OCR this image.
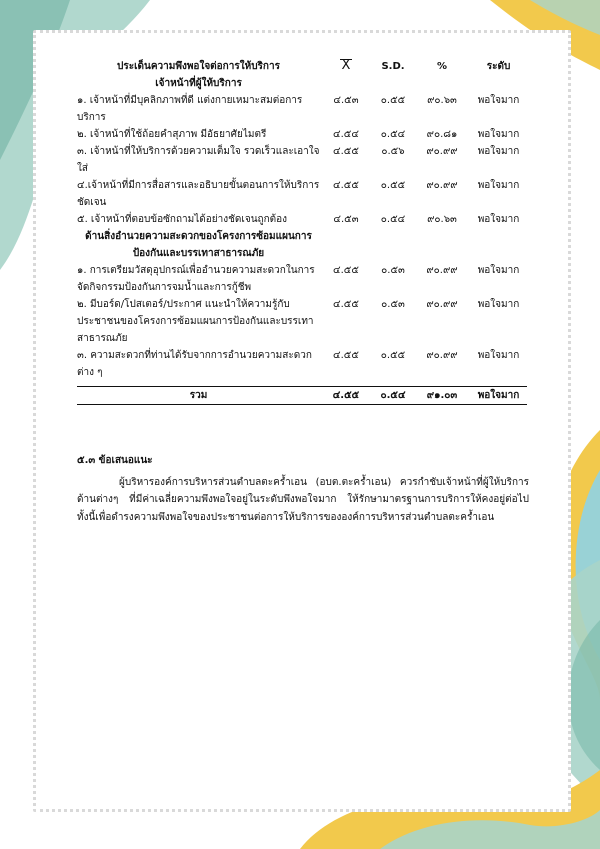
ประเด็นความพึงพอใจต่อการให้บริการ	X	S.D.	%	ระดับ
เจ้าหน้าที่ผู้ให้บริการ				
๑. เจ้าหน้าที่มีบุคลิกภาพที่ดี แต่งกายเหมาะสมต่อการบริการ	๔.๕๓	๐.๕๕	๙๐.๖๓	พอใจมาก
๒. เจ้าหน้าที่ใช้ถ้อยคำสุภาพ มีอัธยาศัยไมตรี	๔.๕๔	๐.๕๔	๙๐.๘๑	พอใจมาก
๓. เจ้าหน้าที่ให้บริการด้วยความเต็มใจ รวดเร็วและเอาใจใส่	๔.๕๕	๐.๕๖	๙๐.๙๙	พอใจมาก
๔.เจ้าหน้าที่มีการสื่อสารและอธิบายขั้นตอนการให้บริการชัดเจน	๔.๕๕	๐.๕๕	๙๐.๙๙	พอใจมาก
๕. เจ้าหน้าที่ตอบข้อซักถามได้อย่างชัดเจนถูกต้อง	๔.๕๓	๐.๕๔	๙๐.๖๓	พอใจมาก
ด้านสิ่งอำนวยความสะดวกของโครงการซ้อมแผนการป้องกันและบรรเทาสาธารณภัย				
๑. การเตรียมวัสดุอุปกรณ์เพื่ออำนวยความสะดวกในการจัดกิจกรรมป้องกันการจมน้ำและการกู้ชีพ	๔.๕๕	๐.๕๓	๙๐.๙๙	พอใจมาก
๒. มีบอร์ด/โปสเตอร์/ประกาศ แนะนำให้ความรู้กับประชาชนของโครงการซ้อมแผนการป้องกันและบรรเทาสาธารณภัย	๔.๕๕	๐.๕๓	๙๐.๙๙	พอใจมาก
๓. ความสะดวกที่ท่านได้รับจากการอำนวยความสะดวกต่าง ๆ	๔.๕๕	๐.๕๕	๙๐.๙๙	พอใจมาก

รวม	๔.๕๕	๐.๕๔	๙๑.๐๓	พอใจมาก
๕.๓ ข้อเสนอแนะ
ผู้บริหารองค์การบริหารส่วนตำบลตะคร้ำเอน (อบต.ตะคร้ำเอน) ควรกำชับเจ้าหน้าที่ผู้ให้บริการด้านต่างๆ ที่มีค่าเฉลี่ยความพึงพอใจอยู่ในระดับพึงพอใจมาก ให้รักษามาตรฐานการบริการให้คงอยู่ต่อไป ทั้งนี้เพื่อดำรงความพึงพอใจของประชาชนต่อการให้บริการขององค์การบริหารส่วนตำบลตะคร้ำเอน
